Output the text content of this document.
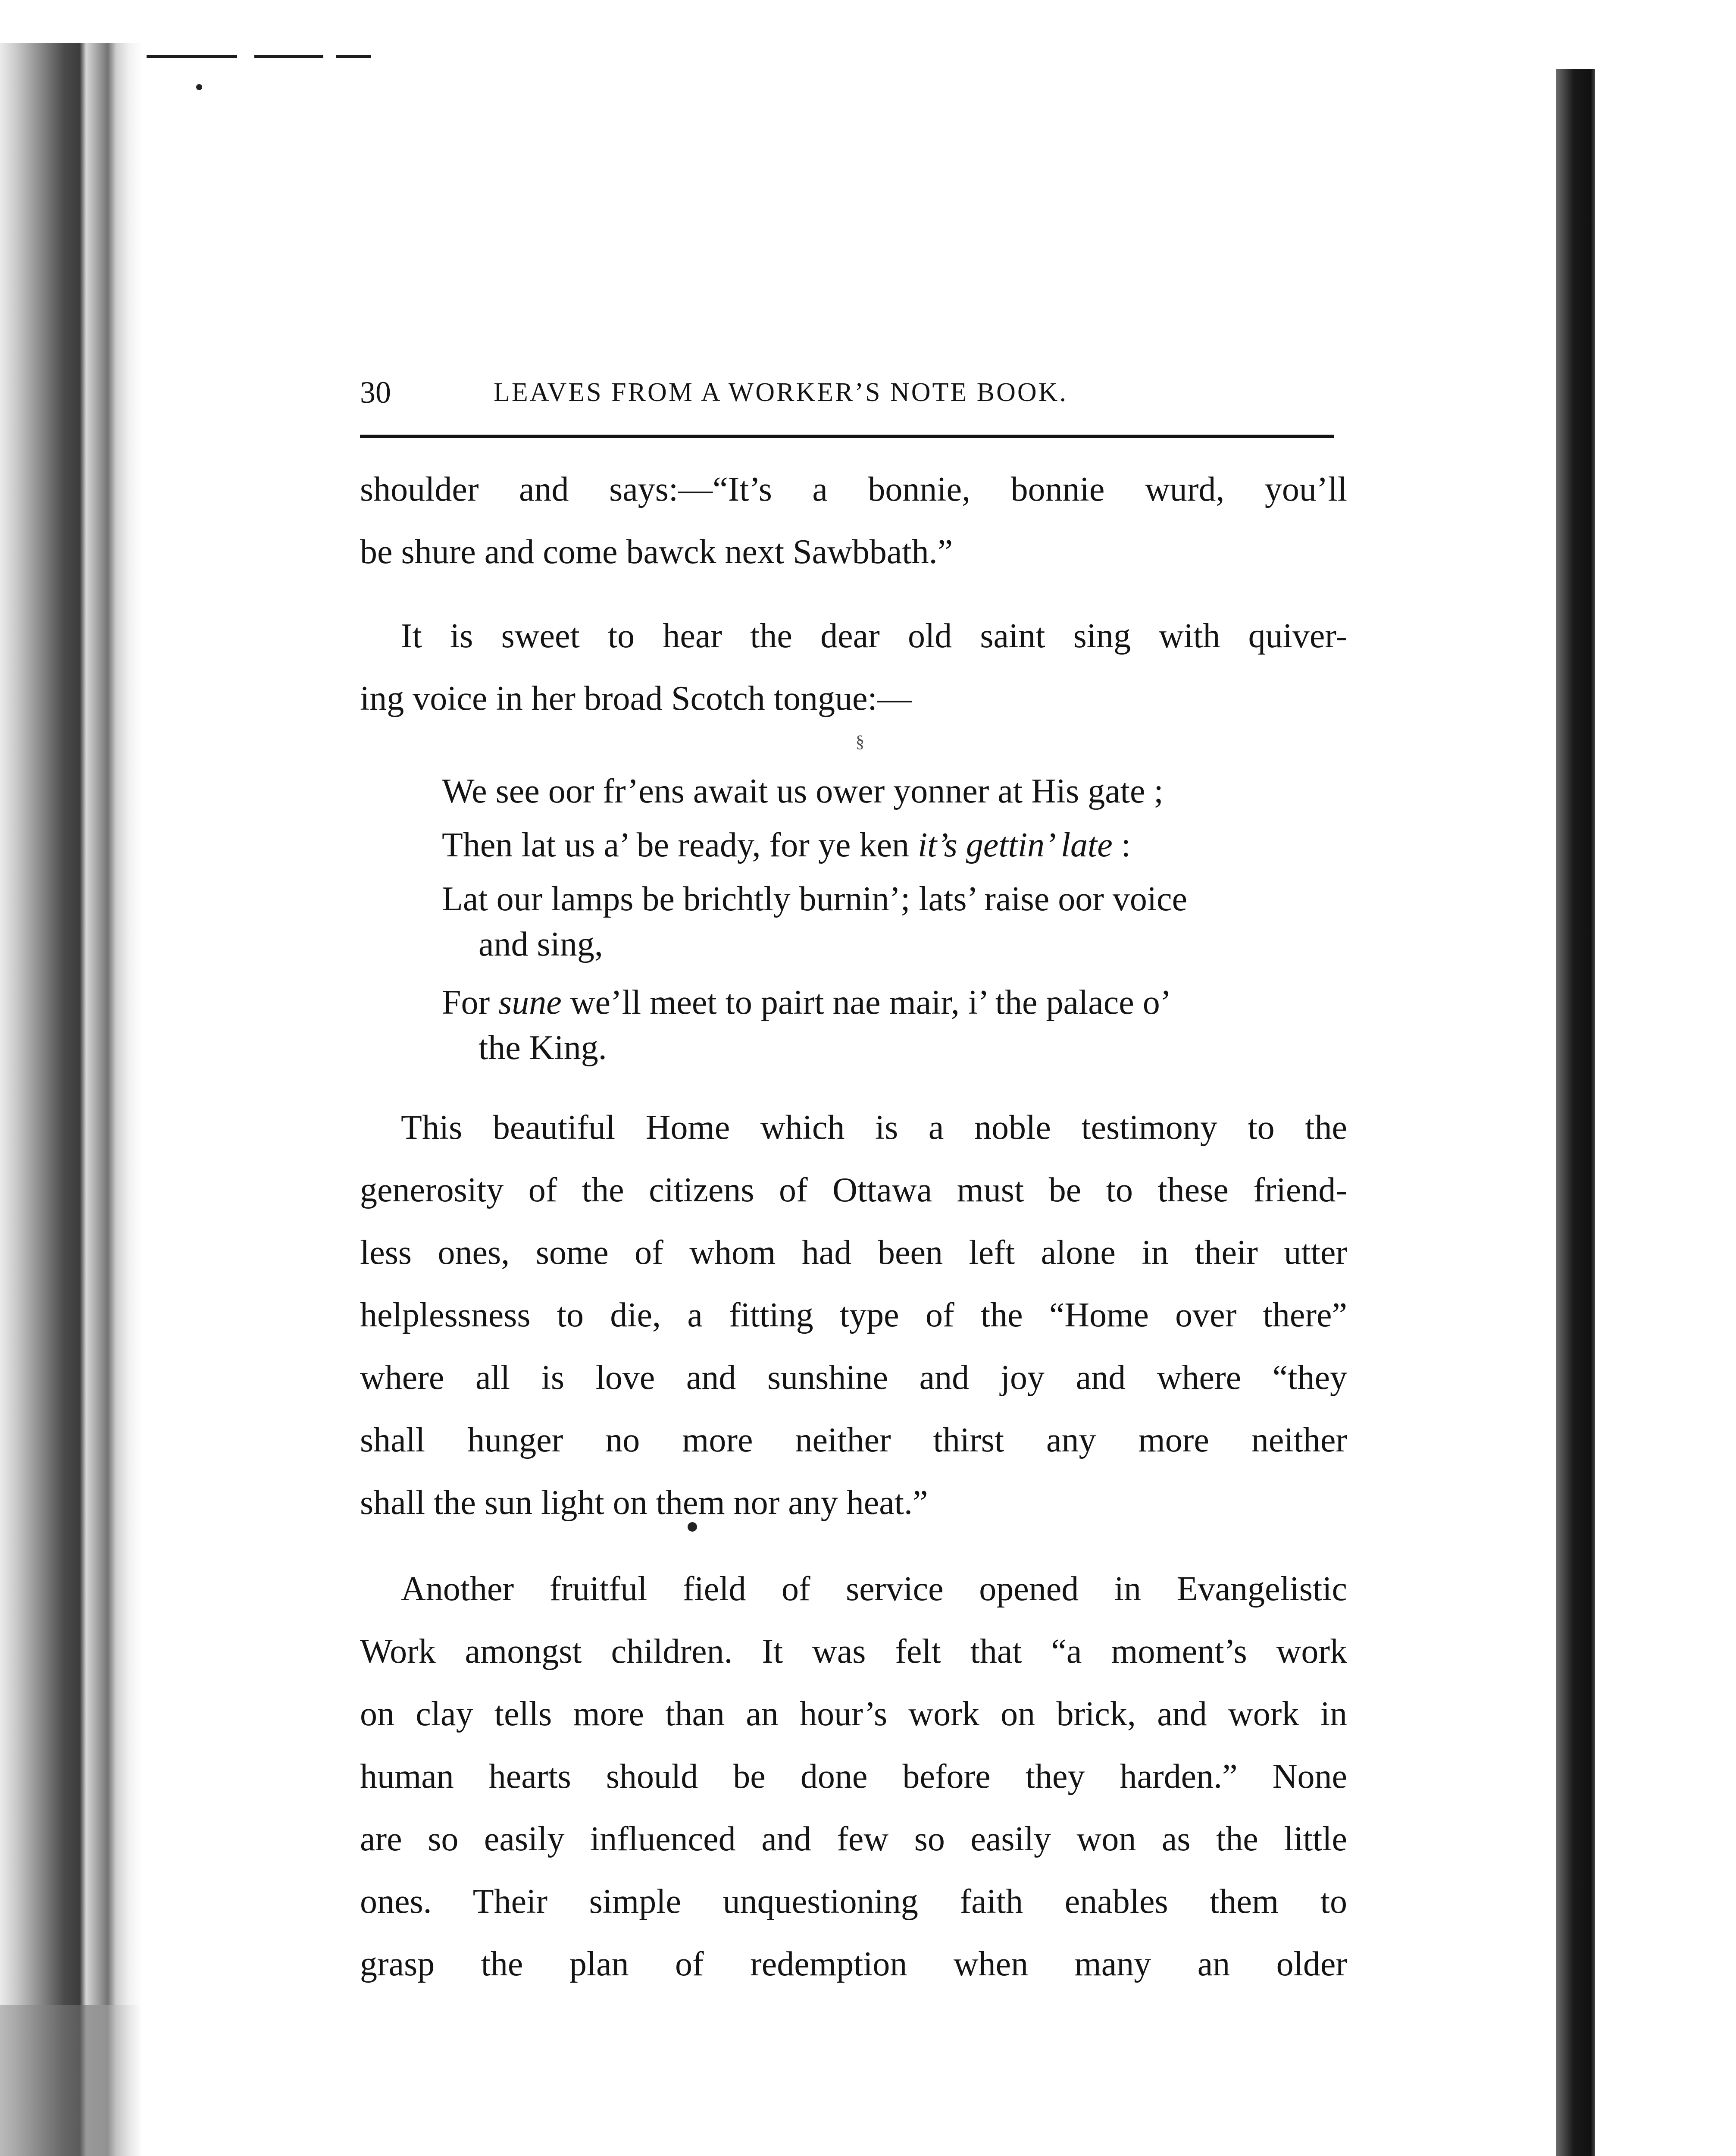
30	LEAVES FROM A WORKER’S NOTE BOOK.
shoulder and says:—“It’s a bonnie, bonnie wurd, you’ll
be shure and come bawck next Sawbbath.”
It is sweet to hear the dear old saint sing with quiver-
ing voice in her broad Scotch tongue:—
§
We see oor fr’ens await us ower yonner at His gate ;
Then lat us a’ be ready, for ye ken it’s gettin’ late :
Lat our lamps be brichtly burnin’; lats’ raise oor voice
and sing,
For sune we’ll meet to pairt nae mair, i’ the palace o’
the King.
This beautiful Home which is a noble testimony to the
generosity of the citizens of Ottawa must be to these friend-
less ones, some of whom had been left alone in their utter
helplessness to die, a fitting type of the “Home over there”
where all is love and sunshine and joy and where “they
shall hunger no more neither thirst any more neither
shall the sun light on them nor any heat.”
Another fruitful field of service opened in Evangelistic
Work amongst children. It was felt that “a moment’s work
on clay tells more than an hour’s work on brick, and work in
human hearts should be done before they harden.” None
are so easily influenced and few so easily won as the little
ones. Their simple unquestioning faith enables them to
grasp the plan of redemption when many an older
